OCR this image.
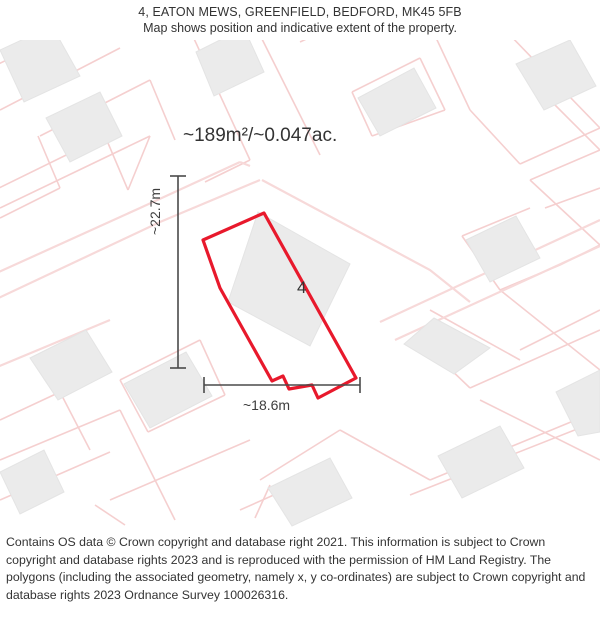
4, EATON MEWS, GREENFIELD, BEDFORD, MK45 5FB
Map shows position and indicative extent of the property.
~189m²/~0.047ac.
~22.7m
~18.6m
4
Contains OS data © Crown copyright and database right 2021. This information is subject to Crown copyright and database rights 2023 and is reproduced with the permission of HM Land Registry. The polygons (including the associated geometry, namely x, y co-ordinates) are subject to Crown copyright and database rights 2023 Ordnance Survey 100026316.
